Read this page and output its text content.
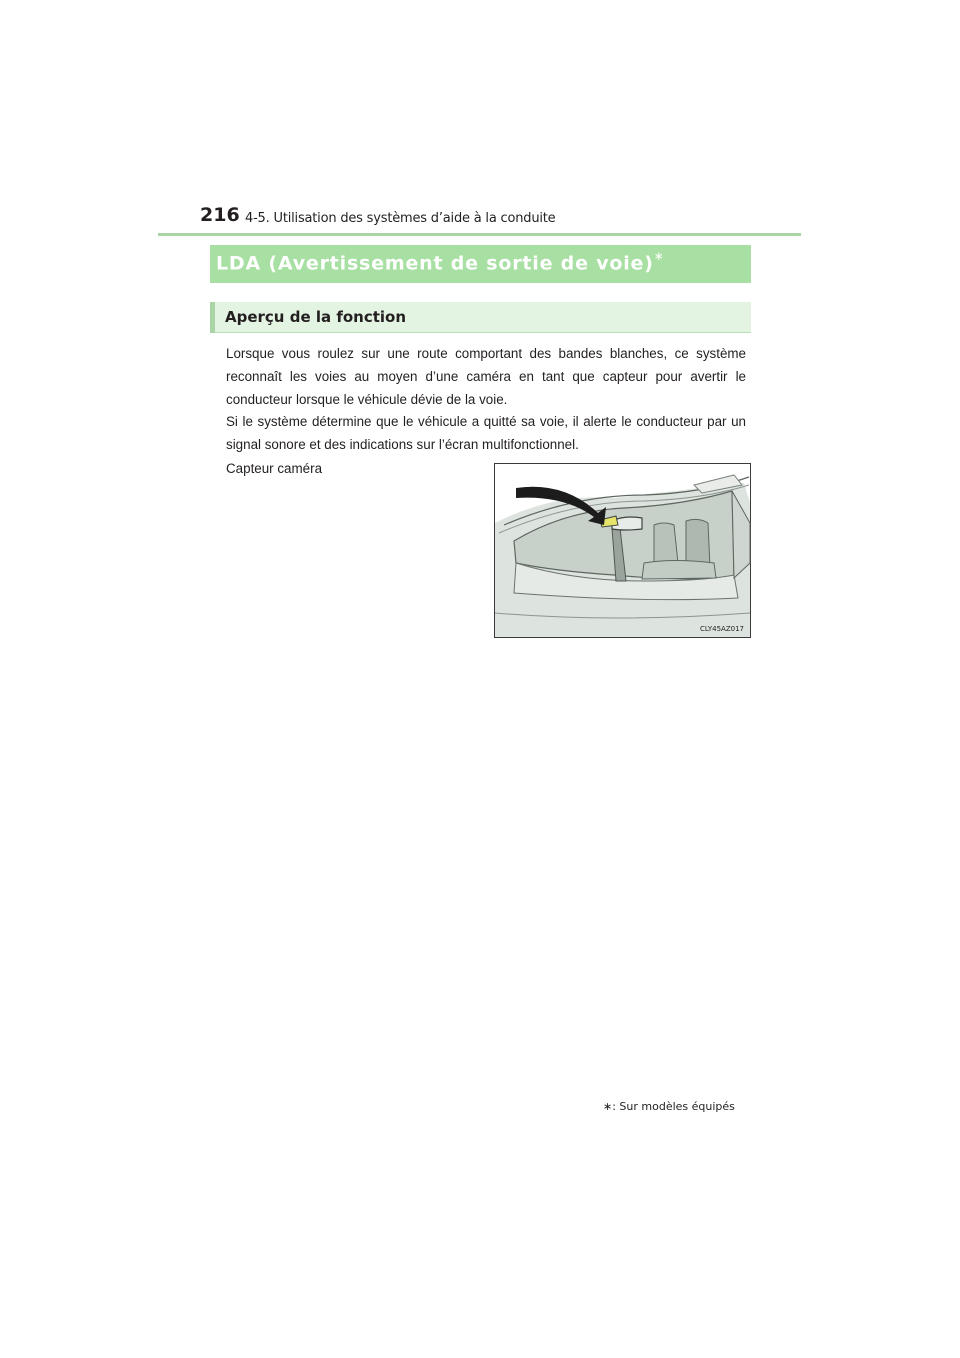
216 4-5. Utilisation des systèmes d’aide à la conduite
LDA (Avertissement de sortie de voie)∗
Aperçu de la fonction
Lorsque vous roulez sur une route comportant des bandes blanches, ce système reconnaît les voies au moyen d’une caméra en tant que capteur pour avertir le conducteur lorsque le véhicule dévie de la voie.
Si le système détermine que le véhicule a quitté sa voie, il alerte le conducteur par un signal sonore et des indications sur l’écran multifonctionnel.
Capteur caméra
CLY45AZ017
∗: Sur modèles équipés
